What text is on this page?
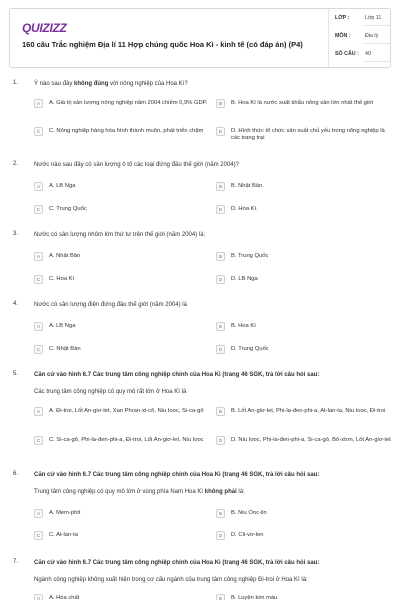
QUIZIZZ
160 câu Trắc nghiệm Địa lí 11 Hợp chúng quốc Hoa Kì - kinh tế (có đáp án) (P4)
LỚP :	Lớp 11
MÔN :	Địa lý
SỐ CÂU : 40
1.	Ý nào sau đây không đúng với nông nghiệp của Hoa Kì?
A	A. Giá trị sản lượng nông nghiệp năm 2004 chiếm 0,9% GDP.	B	B. Hoa Kì là nước xuất khẩu nông sản lớn nhất thế giới
C	C. Nông nghiệp hàng hóa hình thành muộn, phát triển chậm	D	D. Hình thức tổ chức sản xuất chủ yếu trong nông nghiệp là các trang trại
2.	Nước nào sau đây có sản lượng ô tô các loại đứng đầu thế giới (năm 2004)?
A	A. LB Nga	B	B. Nhật Bản.
C	C. Trung Quốc	D	D. Hoa Kì.
3.	Nước có sản lượng nhôm lớn thứ tư trên thế giới (năm 2004) là:
A	A. Nhật Bản	B	B. Trung Quốc
C	C. Hoa Kì	D	D. LB Nga
4.	Nước có sản lượng điện đứng đầu thế giới (năm 2004) là
A	A. LB Nga	B	B. Hoa Kì
C	C. Nhật Bản	D	D. Trung Quốc
5.	Căn cứ vào hình 6.7 Các trung tâm công nghiệp chính của Hoa Kì (trang 46 SGK, trả lời câu hỏi sau:
Các trung tâm công nghiệp có quy mô rất lớn ở Hoa Kì là
A	A. Đi-troi, Lốt An-giơ-let, Xan Phran-xi-cô, Niu Iooc, Si-ca-gô	B	B. Lốt An-giơ-let, Phi-la-đen-phi-a, At-lan-ta, Niu Iooc, Đi-troi
C	C. Si-ca-gô, Phi-la-đen-phi-a, Đi-troi, Lốt An-giơ-let, Niu Iooc	D	D. Niu Iooc, Phi-la-đen-phi-a, Si-ca-gô, Bô-xtơn, Lốt An-giơ-let
6.	Căn cứ vào hình 6.7 Các trung tâm công nghiệp chính của Hoa Kì (trang 46 SGK, trả lời câu hỏi sau:
Trung tâm công nghiệp có quy mô lớn ở vùng phía Nam Hoa Kì không phải là:
A	A. Mem-phit	B	B. Niu Ooc-lin
C	C. At-lan-ta	D	D. Cli-vơ-len
7.	Căn cứ vào hình 6.7 Các trung tâm công nghiệp chính của Hoa Kì (trang 46 SGK, trả lời câu hỏi sau:
Ngành công nghiệp không xuất hiện trong cơ cấu ngành của trung tâm công nghiệp Đi-troi ở Hoa Kì là:
A	A. Hóa chất	B	B. Luyện kim màu
